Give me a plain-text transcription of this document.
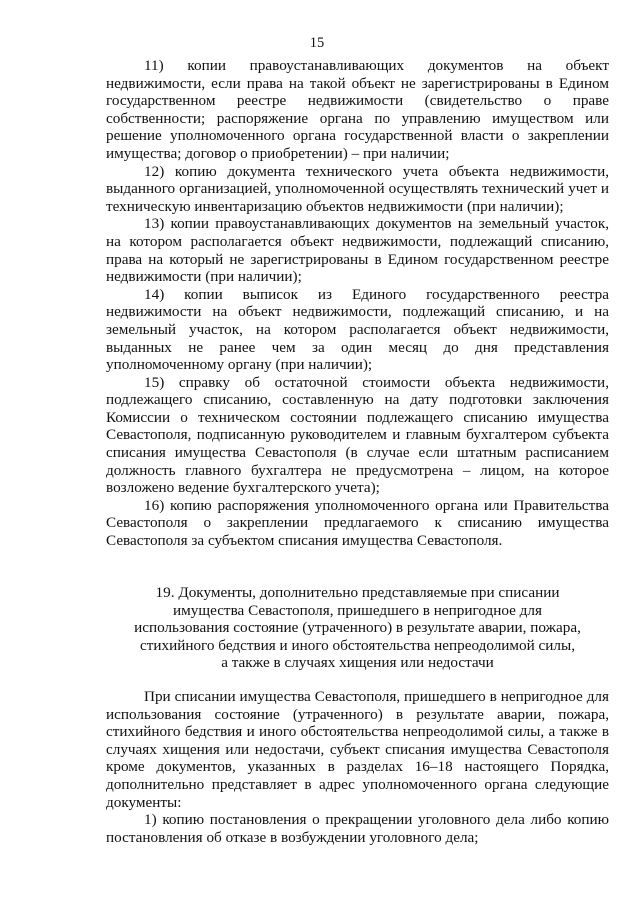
15

11)    копии    правоустанавливающих    документов    на    объект недвижимости, если права на такой объект не зарегистрированы в Едином государственном реестре недвижимости (свидетельство о праве собственности; распоряжение органа по управлению имуществом или решение уполномоченного органа государственной власти о закреплении имущества; договор о приобретении) – при наличии;

12) копию документа технического учета объекта недвижимости, выданного организацией, уполномоченной осуществлять технический учет и техническую инвентаризацию объектов недвижимости (при наличии);

13) копии правоустанавливающих документов на земельный участок, на котором располагается объект недвижимости, подлежащий списанию, права на который не зарегистрированы в Едином государственном реестре недвижимости (при наличии);

14) копии выписок из Единого государственного реестра недвижимости на объект недвижимости, подлежащий списанию, и на земельный участок, на котором располагается объект недвижимости, выданных не ранее чем за один месяц до дня представления уполномоченному органу (при наличии);

15) справку об остаточной стоимости объекта недвижимости, подлежащего списанию, составленную на дату подготовки заключения Комиссии о техническом состоянии подлежащего списанию имущества Севастополя, подписанную руководителем и главным бухгалтером субъекта списания имущества Севастополя (в случае если штатным расписанием должность главного бухгалтера не предусмотрена – лицом, на которое возложено ведение бухгалтерского учета);

16) копию распоряжения уполномоченного органа или Правительства Севастополя о закреплении предлагаемого к списанию имущества Севастополя за субъектом списания имущества Севастополя.

19. Документы, дополнительно представляемые при списании

имущества Севастополя, пришедшего в непригодное для

использования состояние (утраченного) в результате аварии, пожара,

стихийного бедствия и иного обстоятельства непреодолимой силы,

а также в случаях хищения или недостачи

При списании имущества Севастополя, пришедшего в непригодное для использования состояние (утраченного) в результате аварии, пожара, стихийного бедствия и иного обстоятельства непреодолимой силы, а также в случаях хищения или недостачи, субъект списания имущества Севастополя кроме документов, указанных в разделах 16–18 настоящего Порядка, дополнительно представляет в адрес уполномоченного органа следующие документы:

1) копию постановления о прекращении уголовного дела либо копию постановления об отказе в возбуждении уголовного дела;
